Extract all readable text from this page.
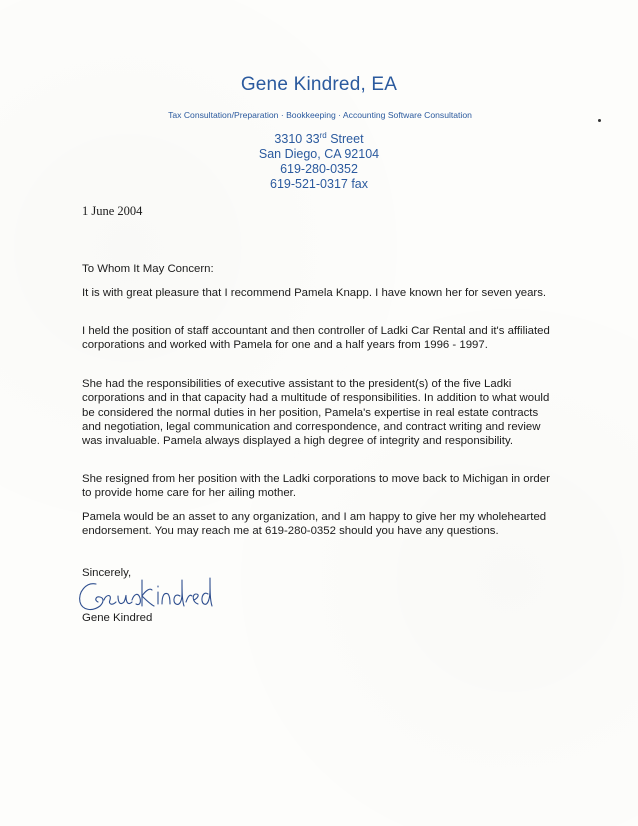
Gene Kindred, EA
Tax Consultation/Preparation · Bookkeeping · Accounting Software Consultation
3310 33rd Street
San Diego, CA 92104
619-280-0352
619-521-0317 fax
1 June 2004
To Whom It May Concern:
It is with great pleasure that I recommend Pamela Knapp. I have known her for seven years.
I held the position of staff accountant and then controller of Ladki Car Rental and it's affiliated corporations and worked with Pamela for one and a half years from 1996 - 1997.
She had the responsibilities of executive assistant to the president(s) of the five Ladki corporations and in that capacity had a multitude of responsibilities. In addition to what would be considered the normal duties in her position, Pamela's expertise in real estate contracts and negotiation, legal communication and correspondence, and contract writing and review was invaluable. Pamela always displayed a high degree of integrity and responsibility.
She resigned from her position with the Ladki corporations to move back to Michigan in order to provide home care for her ailing mother.
Pamela would be an asset to any organization, and I am happy to give her my wholehearted endorsement. You may reach me at 619-280-0352 should you have any questions.
Sincerely,
Gene Kindred
